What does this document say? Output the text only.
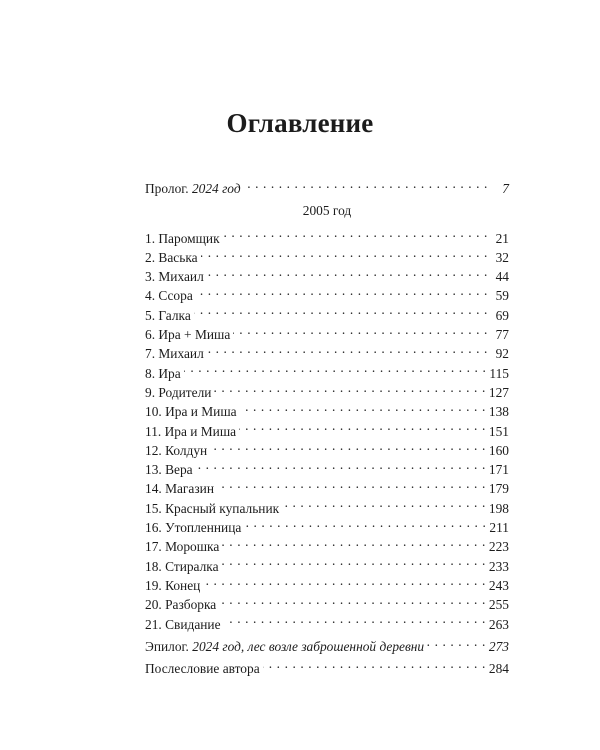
Оглавление
Пролог. 2024 год . . .	7
2005 год
1. Паромщик . . .	21
2. Васька . . .	32
3. Михаил . . .	44
4. Ссора . . .	59
5. Галка . . .	69
6. Ира + Миша . . .	77
7. Михаил . . .	92
8. Ира . . .	115
9. Родители . . .	127
10. Ира и Миша . . .	138
11. Ира и Миша . . .	151
12. Колдун . . .	160
13. Вера . . .	171
14. Магазин . . .	179
15. Красный купальник . . .	198
16. Утопленница . . .	211
17. Морошка . . .	223
18. Стиралка . . .	233
19. Конец . . .	243
20. Разборка . . .	255
21. Свидание . . .	263
Эпилог. 2024 год, лес возле заброшенной деревни . . .	273
Послесловие автора . . .	284
